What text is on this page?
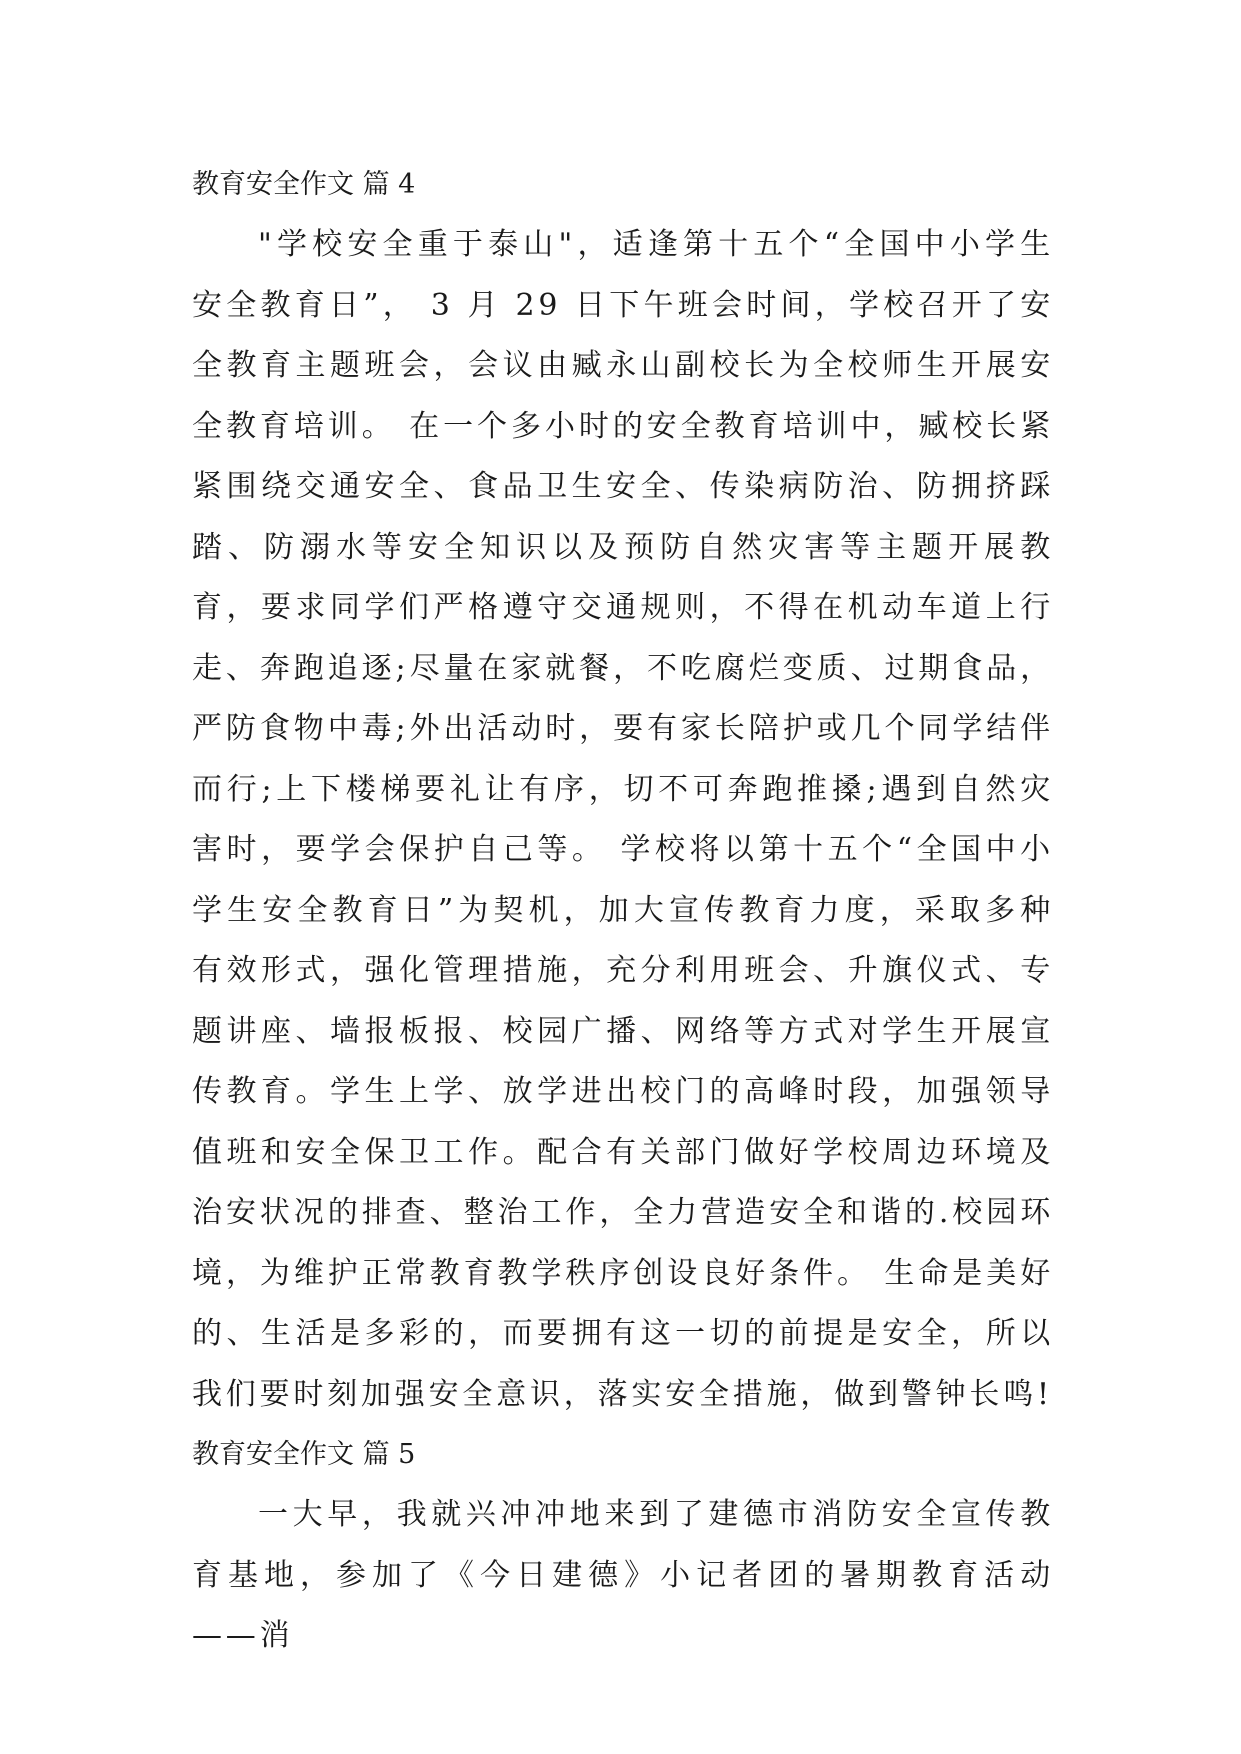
教育安全作文 篇 4

"学校安全重于泰山"，适逢第十五个“全国中小学生安全教育日”， 3 月 29 日下午班会时间，学校召开了安全教育主题班会，会议由臧永山副校长为全校师生开展安全教育培训。 在一个多小时的安全教育培训中，臧校长紧紧围绕交通安全、食品卫生安全、传染病防治、防拥挤踩踏、防溺水等安全知识以及预防自然灾害等主题开展教育，要求同学们严格遵守交通规则，不得在机动车道上行走、奔跑追逐;尽量在家就餐，不吃腐烂变质、过期食品，严防食物中毒;外出活动时，要有家长陪护或几个同学结伴而行;上下楼梯要礼让有序，切不可奔跑推搡;遇到自然灾害时，要学会保护自己等。 学校将以第十五个“全国中小学生安全教育日”为契机，加大宣传教育力度，采取多种有效形式，强化管理措施，充分利用班会、升旗仪式、专题讲座、墙报板报、校园广播、网络等方式对学生开展宣传教育。学生上学、放学进出校门的高峰时段，加强领导值班和安全保卫工作。配合有关部门做好学校周边环境及治安状况的排查、整治工作，全力营造安全和谐的.校园环境，为维护正常教育教学秩序创设良好条件。 生命是美好的、生活是多彩的，而要拥有这一切的前提是安全，所以我们要时刻加强安全意识，落实安全措施，做到警钟长鸣!

教育安全作文 篇 5

一大早，我就兴冲冲地来到了建德市消防安全宣传教育基地，参加了《今日建德》小记者团的暑期教育活动——消
